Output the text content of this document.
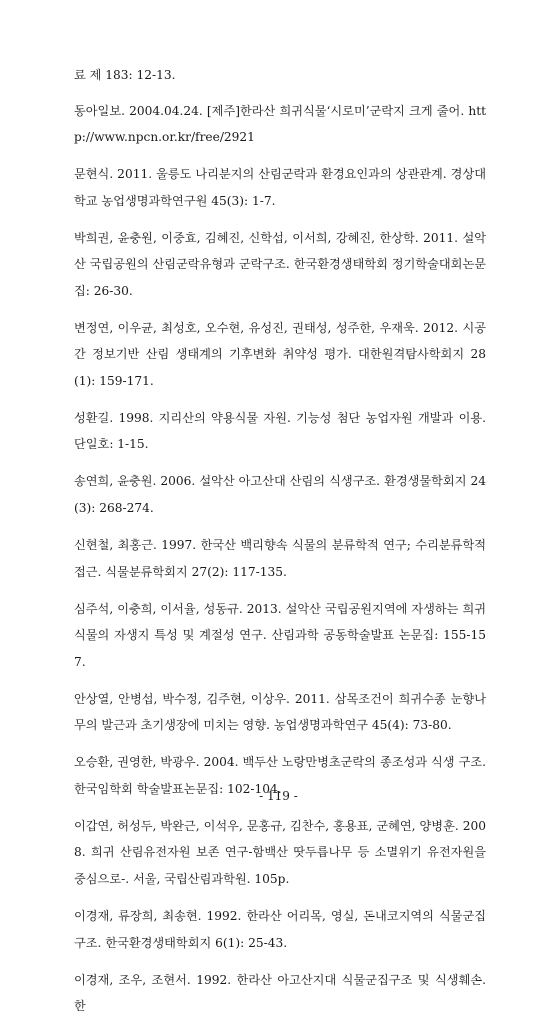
료 제 183: 12-13.

동아일보. 2004.04.24. [제주]한라산 희귀식물‘시로미’군락지 크게 줄어. http://www.npcn.or.kr/free/2921

문현식. 2011. 울릉도 나리분지의 산림군락과 환경요인과의 상관관계. 경상대학교 농업생명과학연구원 45(3): 1-7.

박희권, 윤충원, 이중효, 김혜진, 신학섭, 이서희, 강혜진, 한상학. 2011. 설악산 국립공원의 산림군락유형과 군락구조. 한국환경생태학회 정기학술대회논문집: 26-30.

변정연, 이우균, 최성호, 오수현, 유성진, 권태성, 성주한, 우재욱. 2012. 시공간 정보기반 산림 생태계의 기후변화 취약성 평가. 대한원격탐사학회지 28(1): 159-171.

성환길. 1998. 지리산의 약용식물 자원. 기능성 첨단 농업자원 개발과 이용. 단일호: 1-15.

송연희, 윤충원. 2006. 설악산 아고산대 산림의 식생구조. 환경생물학회지 24(3): 268-274.

신현철, 최홍근. 1997. 한국산 백리향속 식물의 분류학적 연구; 수리분류학적 접근. 식물분류학회지 27(2): 117-135.

심주석, 이충희, 이서율, 성동규. 2013. 설악산 국립공원지역에 자생하는 희귀식물의 자생지 특성 및 계절성 연구. 산림과학 공동학술발표 논문집: 155-157.

안상열, 안병섭, 박수정, 김주현, 이상우. 2011. 삼목조건이 희귀수종 눈향나무의 발근과 초기생장에 미치는 영향. 농업생명과학연구 45(4): 73-80.

오승환, 권영한, 박광우. 2004. 백두산 노랑만병초군락의 종조성과 식생 구조. 한국임학회 학술발표논문집: 102-104.

이갑연, 허성두, 박완근, 이석우, 문홍규, 김찬수, 홍용표, 군혜연, 양병훈. 2008. 희귀 산림유전자원 보존 연구-함백산 땃두릅나무 등 소멸위기 유전자원을 중심으로-. 서울, 국립산림과학원. 105p.

이경재, 류장희, 최송현. 1992. 한라산 어리목, 영실, 돈내코지역의 식물군집구조. 한국환경생태학회지 6(1): 25-43.

이경재, 조우, 조현서. 1992. 한라산 아고산지대 식물군집구조 및 식생훼손. 한

- 119 -
